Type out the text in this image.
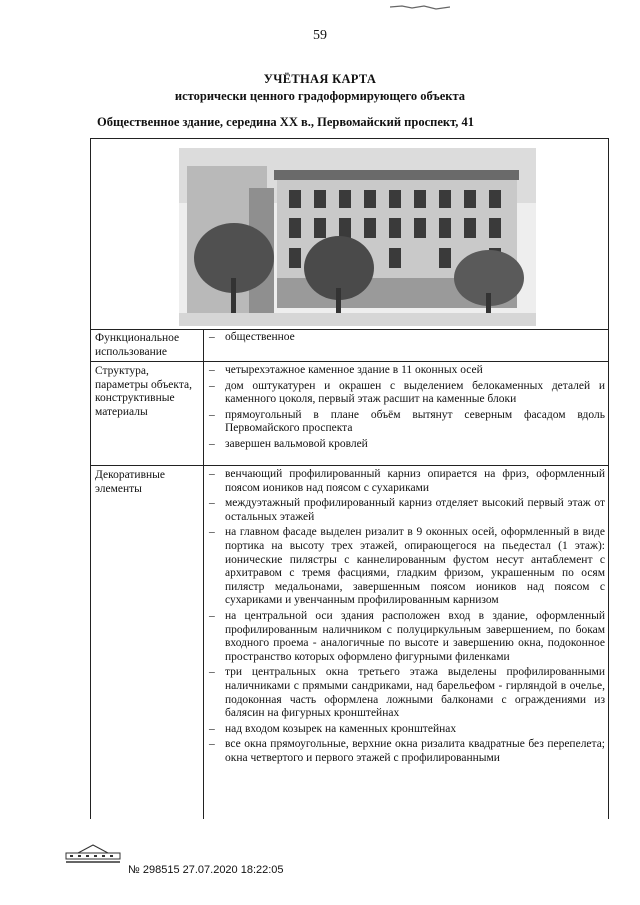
59
УЧЁТНАЯ КАРТА
исторически ценного градоформирующего объекта
Общественное здание, середина XX в., Первомайский проспект, 41
Функциональное использование
– общественное
Структура, параметры объекта, конструктивные материалы
– четырехэтажное каменное здание в 11 оконных осей
– дом оштукатурен и окрашен с выделением белокаменных деталей и каменного цоколя, первый этаж расшит на каменные блоки
– прямоугольный в плане объём вытянут северным фасадом вдоль Первомайского проспекта
– завершен вальмовой кровлей
Декоративные элементы
– венчающий профилированный карниз опирается на фриз, оформленный поясом иоников над поясом с сухариками
– междуэтажный профилированный карниз отделяет высокий первый этаж от остальных этажей
– на главном фасаде выделен ризалит в 9 оконных осей, оформленный в виде портика на высоту трех этажей, опирающегося на пьедестал (1 этаж): ионические пилястры с каннелированным фустом несут антаблемент с архитравом с тремя фасциями, гладким фризом, украшенным по осям пилястр медальонами, завершенным поясом иоников над поясом с сухариками и увенчанным профилированным карнизом
– на центральной оси здания расположен вход в здание, оформленный профилированным наличником с полуциркульным завершением, по бокам входного проема - аналогичные по высоте и завершению окна, подоконное пространство которых оформлено фигурными филенками
– три центральных окна третьего этажа выделены профилированными наличниками с прямыми сандриками, над барельефом - гирляндой в очелье, подоконная часть оформлена ложными балконами с ограждениями из балясин на фигурных кронштейнах
– над входом козырек на каменных кронштейнах
– все окна прямоугольные, верхние окна ризалита квадратные без перепелета; окна четвертого и первого этажей с профилированными
№ 298515 27.07.2020 18:22:05
